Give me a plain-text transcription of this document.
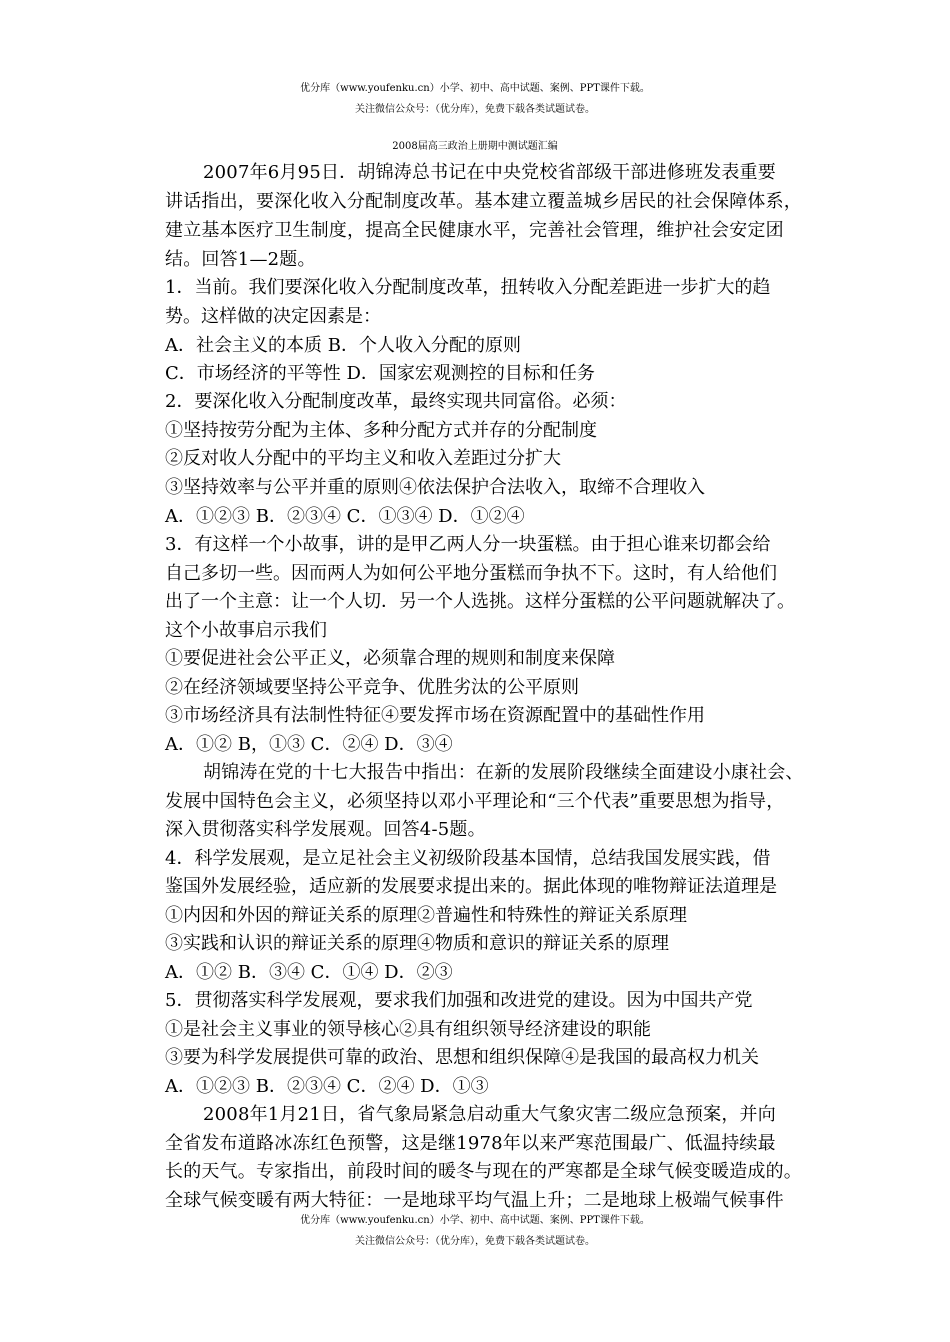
优分库（www.youfenku.cn）小学、初中、高中试题、案例、PPT课件下载。
关注微信公众号：（优分库），免费下载各类试题试卷。
2008届高三政治上册期中测试题汇编
2007年6月95日．胡锦涛总书记在中央党校省部级干部进修班发表重要
讲话指出，要深化收入分配制度改革。基本建立覆盖城乡居民的社会保障体系，
建立基本医疗卫生制度，提高全民健康水平，完善社会管理，维护社会安定团
结。回答1—2题。
1．当前。我们要深化收入分配制度改革，扭转收入分配差距进一步扩大的趋
势。这样做的决定因素是：
A．社会主义的本质 B．个人收入分配的原则
C．市场经济的平等性 D．国家宏观测控的目标和任务
2．要深化收入分配制度改革，最终实现共同富俗。必须：
①坚持按劳分配为主体、多种分配方式并存的分配制度
②反对收人分配中的平均主义和收入差距过分扩大
③坚持效率与公平并重的原则④依法保护合法收入，取缔不合理收入
A．①②③ B．②③④ C．①③④ D．①②④
3．有这样一个小故事，讲的是甲乙两人分一块蛋糕。由于担心谁来切都会给
自己多切一些。因而两人为如何公平地分蛋糕而争执不下。这时，有人给他们
出了一个主意：让一个人切．另一个人选挑。这样分蛋糕的公平问题就解决了。
这个小故事启示我们
①要促进社会公平正义，必须靠合理的规则和制度来保障
②在经济领域要坚持公平竞争、优胜劣汰的公平原则
③市场经济具有法制性特征④要发挥市场在资源配置中的基础性作用
A．①② B，①③ C．②④ D．③④
胡锦涛在党的十七大报告中指出：在新的发展阶段继续全面建设小康社会、
发展中国特色会主义，必须坚持以邓小平理论和“三个代表”重要思想为指导，
深入贯彻落实科学发展观。回答4-5题。
4．科学发展观，是立足社会主义初级阶段基本国情，总结我国发展实践，借
鉴国外发展经验，适应新的发展要求提出来的。据此体现的唯物辩证法道理是
①内因和外因的辩证关系的原理②普遍性和特殊性的辩证关系原理
③实践和认识的辩证关系的原理④物质和意识的辩证关系的原理
A．①② B．③④ C．①④ D．②③
5．贯彻落实科学发展观，要求我们加强和改进党的建设。因为中国共产党
①是社会主义事业的领导核心②具有组织领导经济建设的职能
③要为科学发展提供可靠的政治、思想和组织保障④是我国的最高权力机关
A．①②③ B．②③④ C．②④ D．①③
2008年1月21日，省气象局紧急启动重大气象灾害二级应急预案，并向
全省发布道路冰冻红色预警，这是继1978年以来严寒范围最广、低温持续最
长的天气。专家指出，前段时间的暖冬与现在的严寒都是全球气候变暖造成的。
全球气候变暖有两大特征：一是地球平均气温上升；二是地球上极端气候事件
优分库（www.youfenku.cn）小学、初中、高中试题、案例、PPT课件下载。
关注微信公众号：（优分库），免费下载各类试题试卷。
